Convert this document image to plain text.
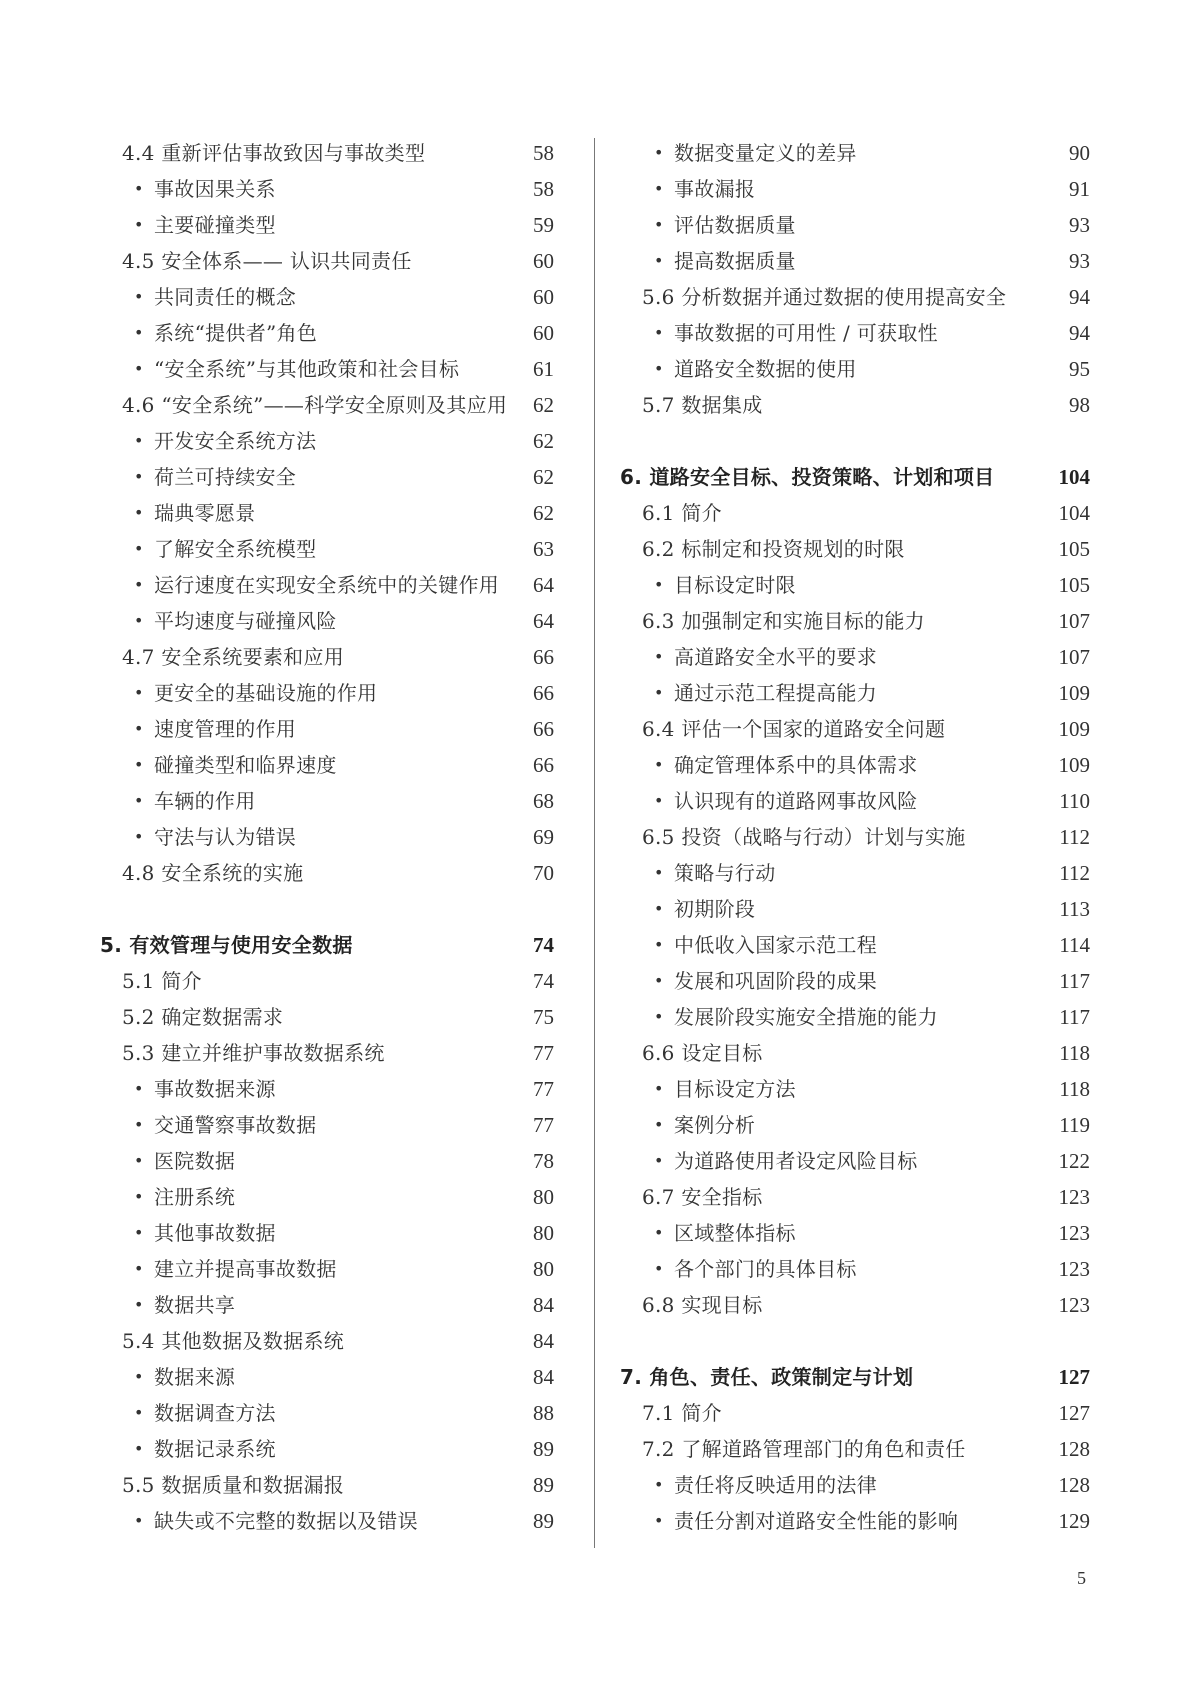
4.4 重新评估事故致因与事故类型	58
• 事故因果关系	58
• 主要碰撞类型	59
4.5 安全体系—— 认识共同责任	60
• 共同责任的概念	60
• 系统“提供者”角色	60
• “安全系统”与其他政策和社会目标	61
4.6 “安全系统”——科学安全原则及其应用 62
• 开发安全系统方法	62
• 荷兰可持续安全	62
• 瑞典零愿景	62
• 了解安全系统模型	63
• 运行速度在实现安全系统中的关键作用 64
• 平均速度与碰撞风险	64
4.7 安全系统要素和应用	66
• 更安全的基础设施的作用	66
• 速度管理的作用	66
• 碰撞类型和临界速度	66
• 车辆的作用	68
• 守法与认为错误	69
4.8 安全系统的实施	70
5. 有效管理与使用安全数据	74
5.1 简介	74
5.2 确定数据需求	75
5.3 建立并维护事故数据系统	77
• 事故数据来源	77
• 交通警察事故数据	77
• 医院数据	78
• 注册系统	80
• 其他事故数据	80
• 建立并提高事故数据	80
• 数据共享	84
5.4 其他数据及数据系统	84
• 数据来源	84
• 数据调查方法	88
• 数据记录系统	89
5.5 数据质量和数据漏报	89
• 缺失或不完整的数据以及错误	89
• 数据变量定义的差异	90
• 事故漏报	91
• 评估数据质量	93
• 提高数据质量	93
5.6 分析数据并通过数据的使用提高安全	94
• 事故数据的可用性 / 可获取性	94
• 道路安全数据的使用	95
5.7 数据集成	98
6. 道路安全目标、投资策略、计划和项目	104
6.1 简介	104
6.2 标制定和投资规划的时限	105
• 目标设定时限	105
6.3 加强制定和实施目标的能力	107
• 高道路安全水平的要求	107
• 通过示范工程提高能力	109
6.4 评估一个国家的道路安全问题	109
• 确定管理体系中的具体需求	109
• 认识现有的道路网事故风险	110
6.5 投资（战略与行动）计划与实施	112
• 策略与行动	112
• 初期阶段	113
• 中低收入国家示范工程	114
• 发展和巩固阶段的成果	117
• 发展阶段实施安全措施的能力	117
6.6 设定目标	118
• 目标设定方法	118
• 案例分析	119
• 为道路使用者设定风险目标	122
6.7 安全指标	123
• 区域整体指标	123
• 各个部门的具体目标	123
6.8 实现目标	123
7. 角色、责任、政策制定与计划	127
7.1 简介	127
7.2 了解道路管理部门的角色和责任	128
• 责任将反映适用的法律	128
• 责任分割对道路安全性能的影响	129
5
